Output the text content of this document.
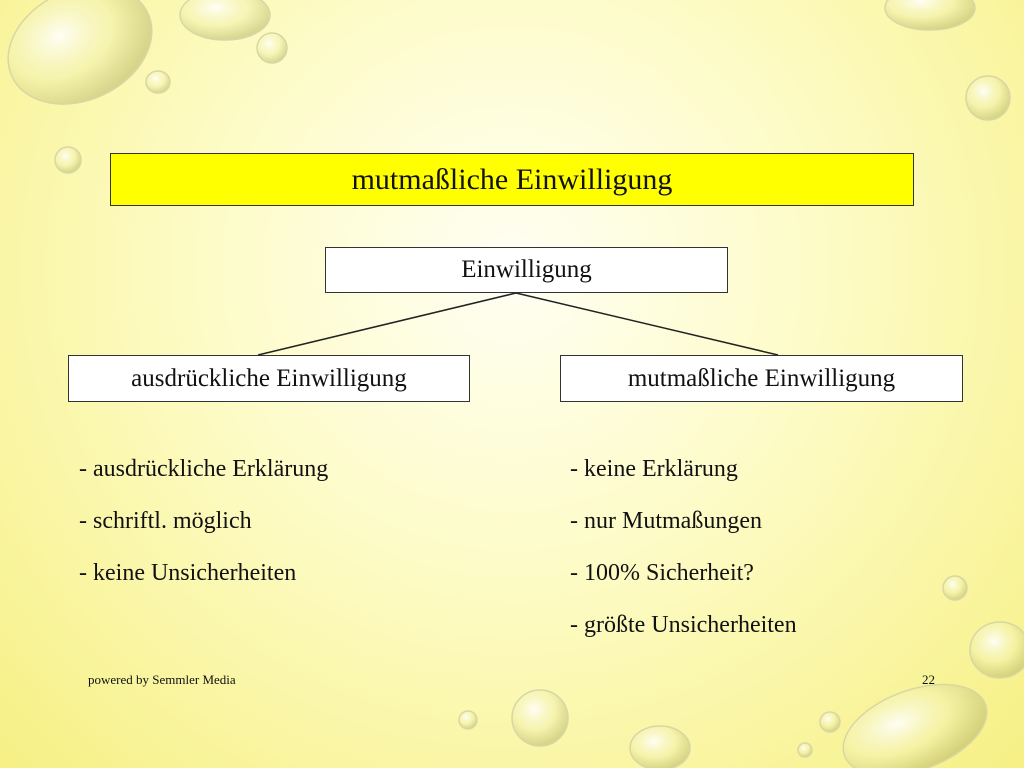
mutmaßliche Einwilligung
Einwilligung
ausdrückliche Einwilligung	mutmaßliche Einwilligung
- ausdrückliche Erklärung
- schriftl. möglich
- keine Unsicherheiten
- keine Erklärung
- nur Mutmaßungen
- 100% Sicherheit?
- größte Unsicherheiten
powered by Semmler Media	22
